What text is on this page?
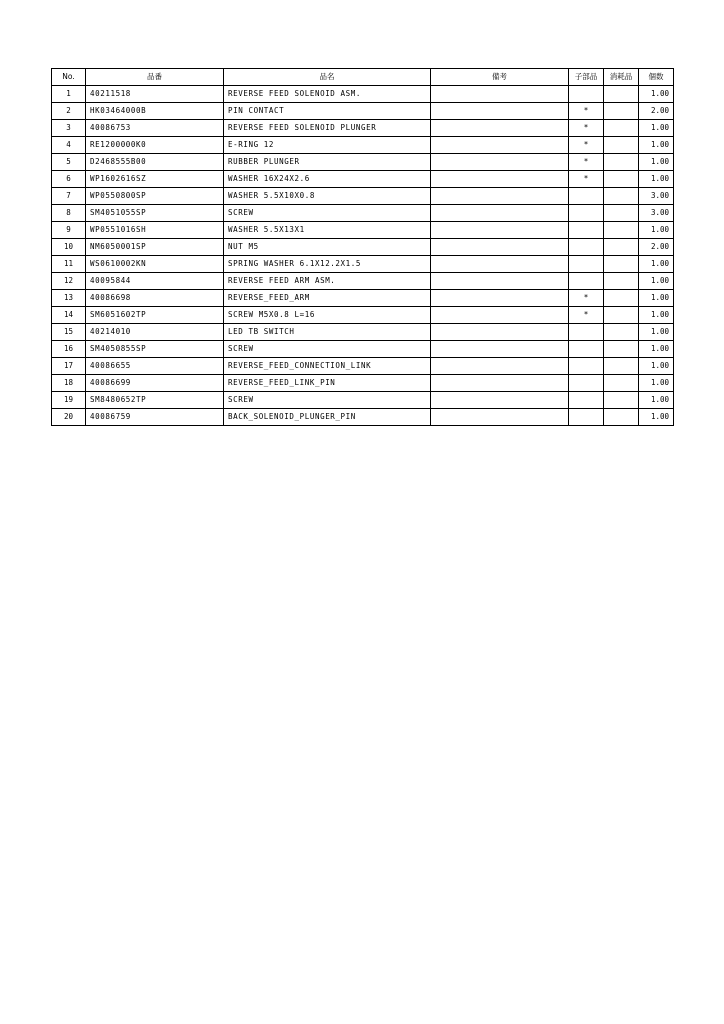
No.	品番	品名	備考	子部品	消耗品	個数
1	40211518	REVERSE FEED SOLENOID ASM.				1.00
2	HK03464000B	PIN CONTACT		*		2.00
3	40086753	REVERSE FEED SOLENOID PLUNGER		*		1.00
4	RE1200000K0	E-RING 12		*		1.00
5	D2468555B00	RUBBER PLUNGER		*		1.00
6	WP1602616SZ	WASHER 16X24X2.6		*		1.00
7	WP0550800SP	WASHER 5.5X10X0.8				3.00
8	SM4051055SP	SCREW				3.00
9	WP0551016SH	WASHER 5.5X13X1				1.00
10	NM6050001SP	NUT M5				2.00
11	WS0610002KN	SPRING WASHER 6.1X12.2X1.5				1.00
12	40095844	REVERSE FEED ARM ASM.				1.00
13	40086698	REVERSE_FEED_ARM		*		1.00
14	SM6051602TP	SCREW M5X0.8 L=16		*		1.00
15	40214010	LED TB SWITCH				1.00
16	SM4050855SP	SCREW				1.00
17	40086655	REVERSE_FEED_CONNECTION_LINK				1.00
18	40086699	REVERSE_FEED_LINK_PIN				1.00
19	SM8480652TP	SCREW				1.00
20	40086759	BACK_SOLENOID_PLUNGER_PIN				1.00
